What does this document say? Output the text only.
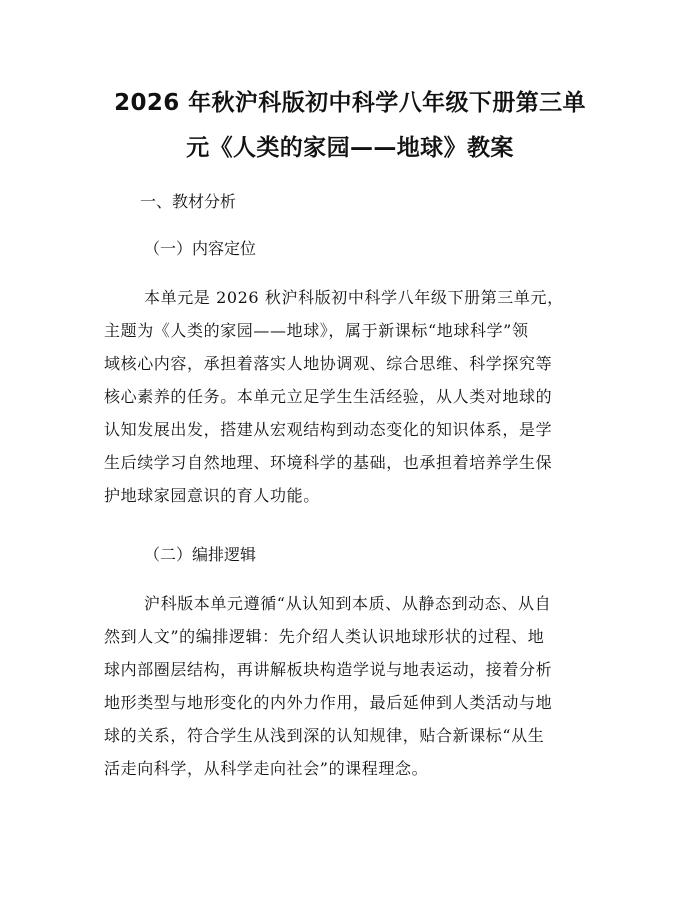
2026 年秋沪科版初中科学八年级下册第三单
元《人类的家园——地球》教案

一、教材分析

（一）内容定位

本单元是 2026 秋沪科版初中科学八年级下册第三单元，

主题为《人类的家园——地球》，属于新课标“地球科学”领

域核心内容，承担着落实人地协调观、综合思维、科学探究等

核心素养的任务。本单元立足学生生活经验，从人类对地球的

认知发展出发，搭建从宏观结构到动态变化的知识体系，是学

生后续学习自然地理、环境科学的基础，也承担着培养学生保

护地球家园意识的育人功能。

（二）编排逻辑

沪科版本单元遵循“从认知到本质、从静态到动态、从自

然到人文”的编排逻辑：先介绍人类认识地球形状的过程、地

球内部圈层结构，再讲解板块构造学说与地表运动，接着分析

地形类型与地形变化的内外力作用，最后延伸到人类活动与地

球的关系，符合学生从浅到深的认知规律，贴合新课标“从生

活走向科学，从科学走向社会”的课程理念。
